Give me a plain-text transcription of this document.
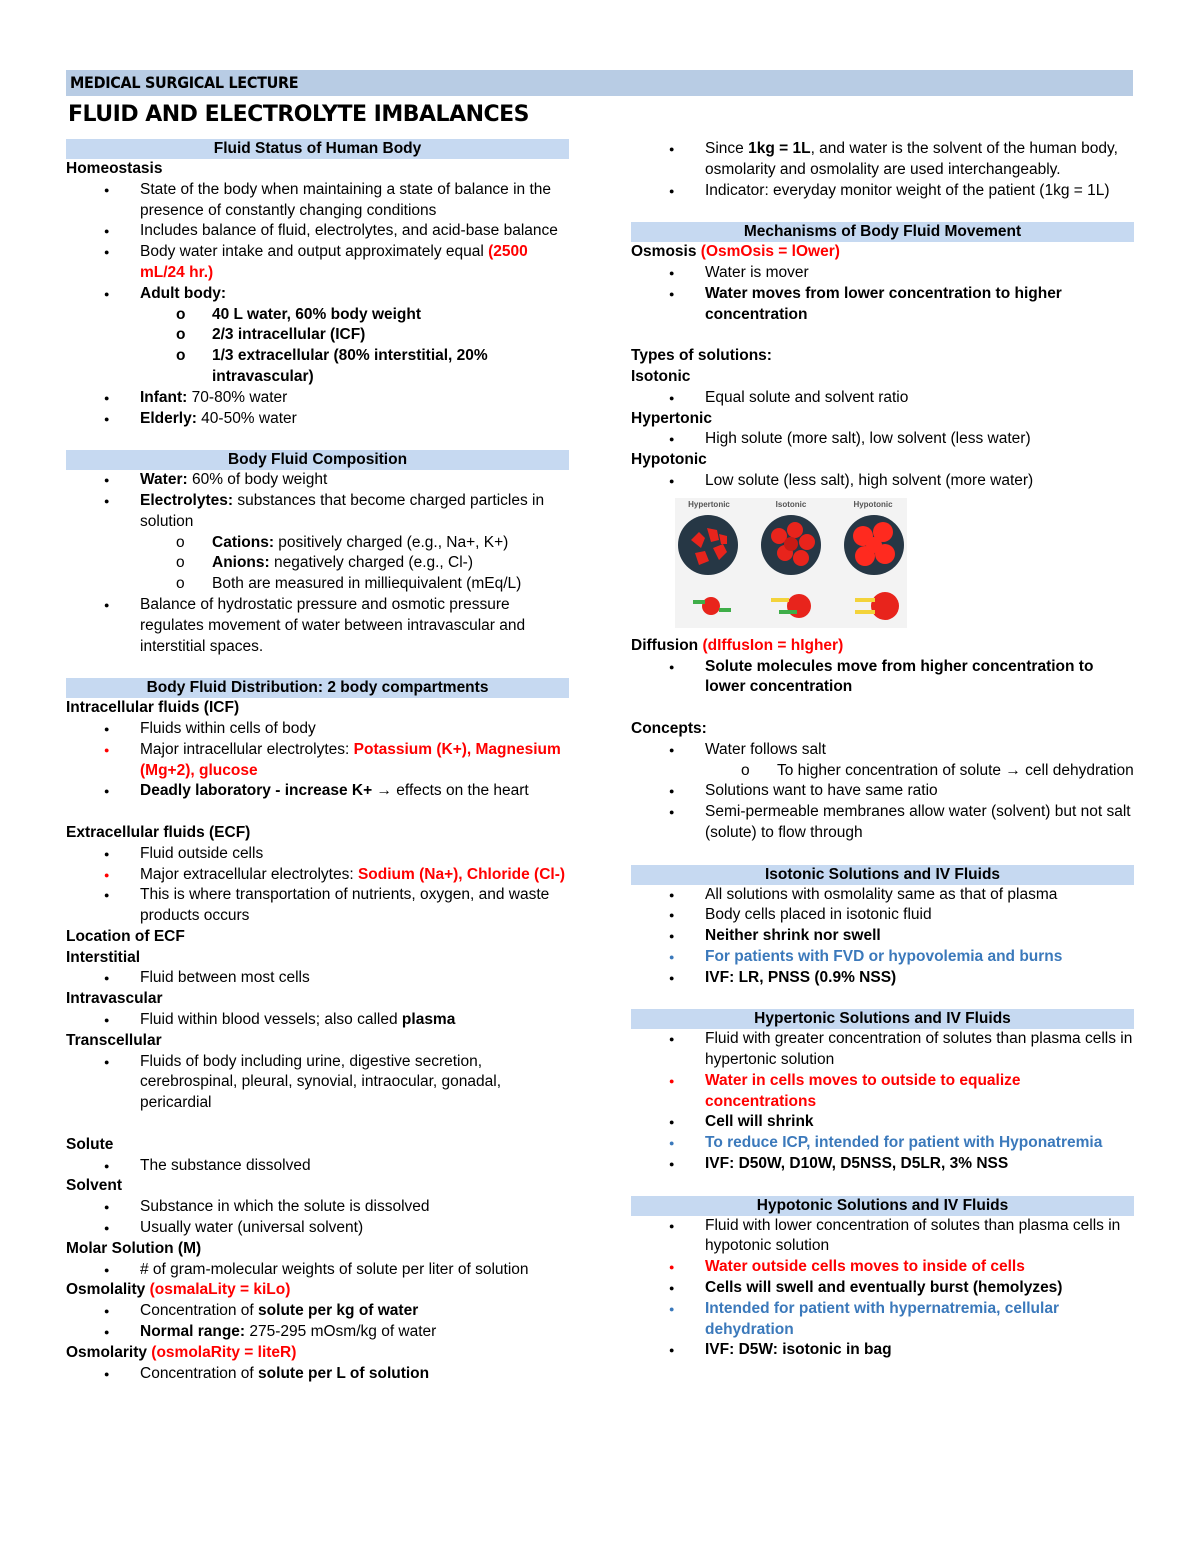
MEDICAL SURGICAL LECTURE
FLUID AND ELECTROLYTE IMBALANCES

Fluid Status of Human Body

Homeostasis

● State of the body when maintaining a state of balance in the presence of constantly changing conditions
● Includes balance of fluid, electrolytes, and acid-base balance
● Body water intake and output approximately equal (2500 mL/24 hr.)
● Adult body:
o 40 L water, 60% body weight
o 2/3 intracellular (ICF)
o 1/3 extracellular (80% interstitial, 20% intravascular)
● Infant: 70-80% water
● Elderly: 40-50% water

Body Fluid Composition

● Water: 60% of body weight
● Electrolytes: substances that become charged particles in solution
o Cations: positively charged (e.g., Na+, K+)
o Anions: negatively charged (e.g., Cl-)
o Both are measured in milliequivalent (mEq/L)
● Balance of hydrostatic pressure and osmotic pressure regulates movement of water between intravascular and interstitial spaces.

Body Fluid Distribution: 2 body compartments

Intracellular fluids (ICF)

● Fluids within cells of body
● Major intracellular electrolytes: Potassium (K+), Magnesium (Mg+2), glucose
● Deadly laboratory - increase K+ → effects on the heart

Extracellular fluids (ECF)

● Fluid outside cells
● Major extracellular electrolytes: Sodium (Na+), Chloride (Cl-)
● This is where transportation of nutrients, oxygen, and waste products occurs

Location of ECF

Interstitial

● Fluid between most cells

Intravascular

● Fluid within blood vessels; also called plasma

Transcellular

● Fluids of body including urine, digestive secretion, cerebrospinal, pleural, synovial, intraocular, gonadal, pericardial

Solute

● The substance dissolved

Solvent

● Substance in which the solute is dissolved
● Usually water (universal solvent)

Molar Solution (M)

● # of gram-molecular weights of solute per liter of solution

Osmolality (osmalaLity = kiLo)

● Concentration of solute per kg of water
● Normal range: 275-295 mOsm/kg of water

Osmolarity (osmolaRity = liteR)

● Concentration of solute per L of solution
● Since 1kg = 1L, and water is the solvent of the human body, osmolarity and osmolality are used interchangeably.
● Indicator: everyday monitor weight of the patient (1kg = 1L)

Mechanisms of Body Fluid Movement

Osmosis (OsmOsis = lOwer)

● Water is mover
● Water moves from lower concentration to higher concentration

Types of solutions:

Isotonic

● Equal solute and solvent ratio

Hypertonic

● High solute (more salt), low solvent (less water)

Hypotonic

● Low solute (less salt), high solvent (more water)
Hypertonic	Isotonic	Hypotonic

Diffusion (dIffusIon = hIgher)

● Solute molecules move from higher concentration to lower concentration

Concepts:

● Water follows salt
o To higher concentration of solute → cell dehydration
● Solutions want to have same ratio
● Semi-permeable membranes allow water (solvent) but not salt (solute) to flow through

Isotonic Solutions and IV Fluids

● All solutions with osmolality same as that of plasma
● Body cells placed in isotonic fluid
● Neither shrink nor swell
● For patients with FVD or hypovolemia and burns
● IVF: LR, PNSS (0.9% NSS)

Hypertonic Solutions and IV Fluids

● Fluid with greater concentration of solutes than plasma cells in hypertonic solution
● Water in cells moves to outside to equalize concentrations
● Cell will shrink
● To reduce ICP, intended for patient with Hyponatremia
● IVF: D50W, D10W, D5NSS, D5LR, 3% NSS

Hypotonic Solutions and IV Fluids

● Fluid with lower concentration of solutes than plasma cells in hypotonic solution
● Water outside cells moves to inside of cells
● Cells will swell and eventually burst (hemolyzes)
● Intended for patient with hypernatremia, cellular dehydration
● IVF: D5W: isotonic in bag
